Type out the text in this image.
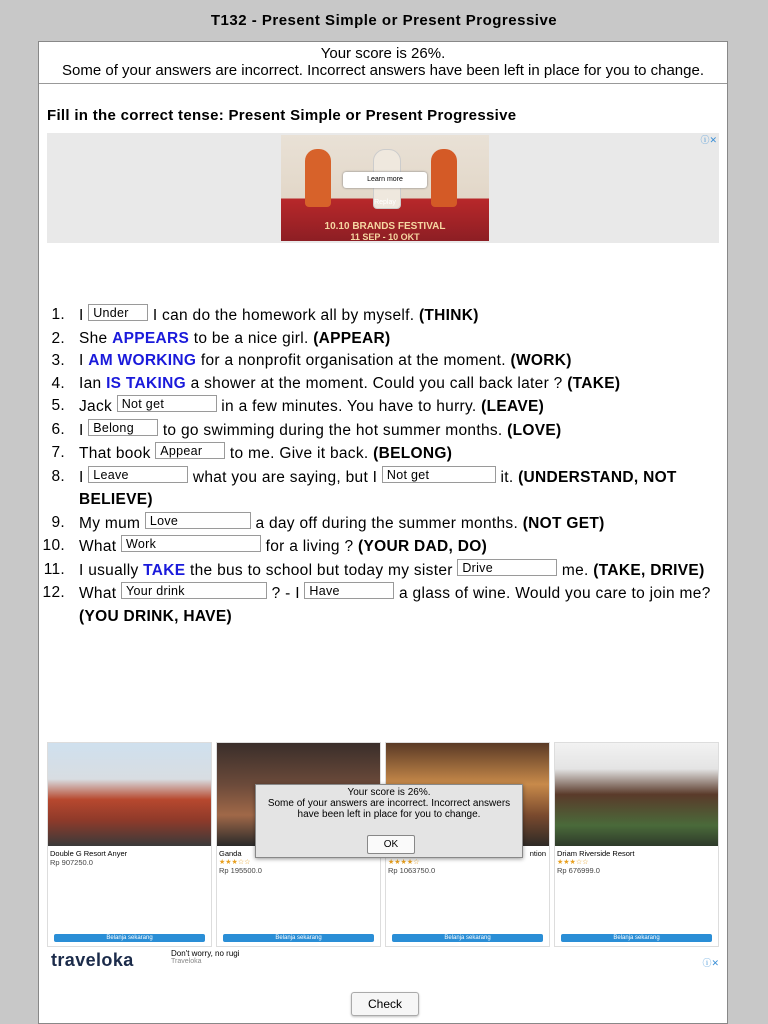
T132 - Present Simple or Present Progressive
Your score is 26%.
Some of your answers are incorrect. Incorrect answers have been left in place for you to change.
Fill in the correct tense: Present Simple or Present Progressive
ⓘ✕
Learn more
Replay
10.10 BRANDS FESTIVAL
11 SEP - 10 OKT
1. I Under I can do the homework all by myself. (THINK)
2. She APPEARS to be a nice girl. (APPEAR)
3. I AM WORKING for a nonprofit organisation at the moment. (WORK)
4. Ian IS TAKING a shower at the moment. Could you call back later ? (TAKE)
5. Jack Not get	in a few minutes. You have to hurry. (LEAVE)
6. I Belong to go swimming during the hot summer months. (LOVE)
7. That book Appear to me. Give it back. (BELONG)
8. I Leave	what you are saying, but I Not get	it. (UNDERSTAND, NOT BELIEVE)
9. My mum Love	a day off during the summer months. (NOT GET)
10. What Work	for a living ? (YOUR DAD, DO)
11. I usually TAKE the bus to school but today my sister Drive	me. (TAKE, DRIVE)
12. What Your drink	? - I Have	a glass of wine. Would you care to join me? (YOU DRINK, HAVE)
Double G Resort Anyer
Rp 907250.0
Belanja sekarang
Ganda
★★★☆☆
Rp 195500.0
Belanja sekarang
★★★★☆
Rp 1063750.0
Belanja sekarang
ntion Driam Riverside Resort
★★★☆☆
Rp 676999.0
Belanja sekarang
traveloka	Don't worry, no rugi
Traveloka	ⓘ✕
Your score is 26%.
Some of your answers are incorrect. Incorrect answers have been left in place for you to change.
OK
Check
